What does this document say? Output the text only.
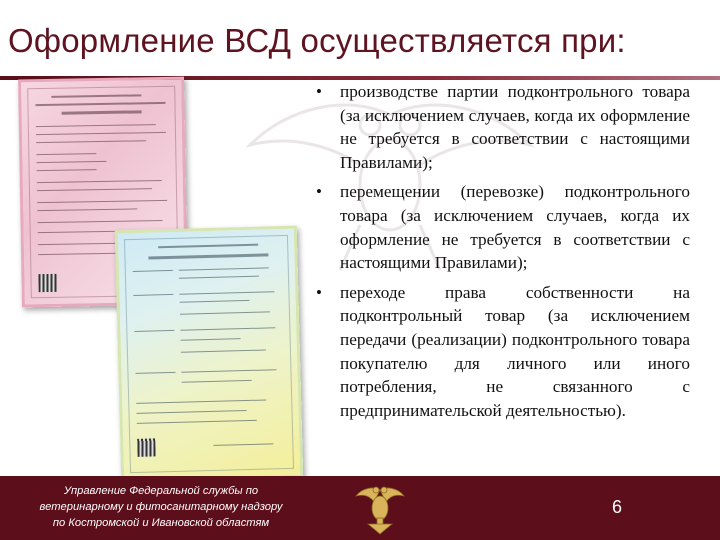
Оформление ВСД осуществляется при:
• производстве партии подконтрольного товара (за исключением случаев, когда их оформление не требуется в соответствии с настоящими Правилами);
• перемещении (перевозке) подконтрольного товара (за исключением случаев, когда их оформление не требуется в соответствии с настоящими Правилами);
• переходе права собственности на подконтрольный товар (за исключением передачи (реализации) подконтрольного товара покупателю для личного или иного потребления, не связанного с предпринимательской деятельностью).
Управление Федеральной службы по
ветеринарному и фитосанитарному надзору
по Костромской и Ивановской областям
6
